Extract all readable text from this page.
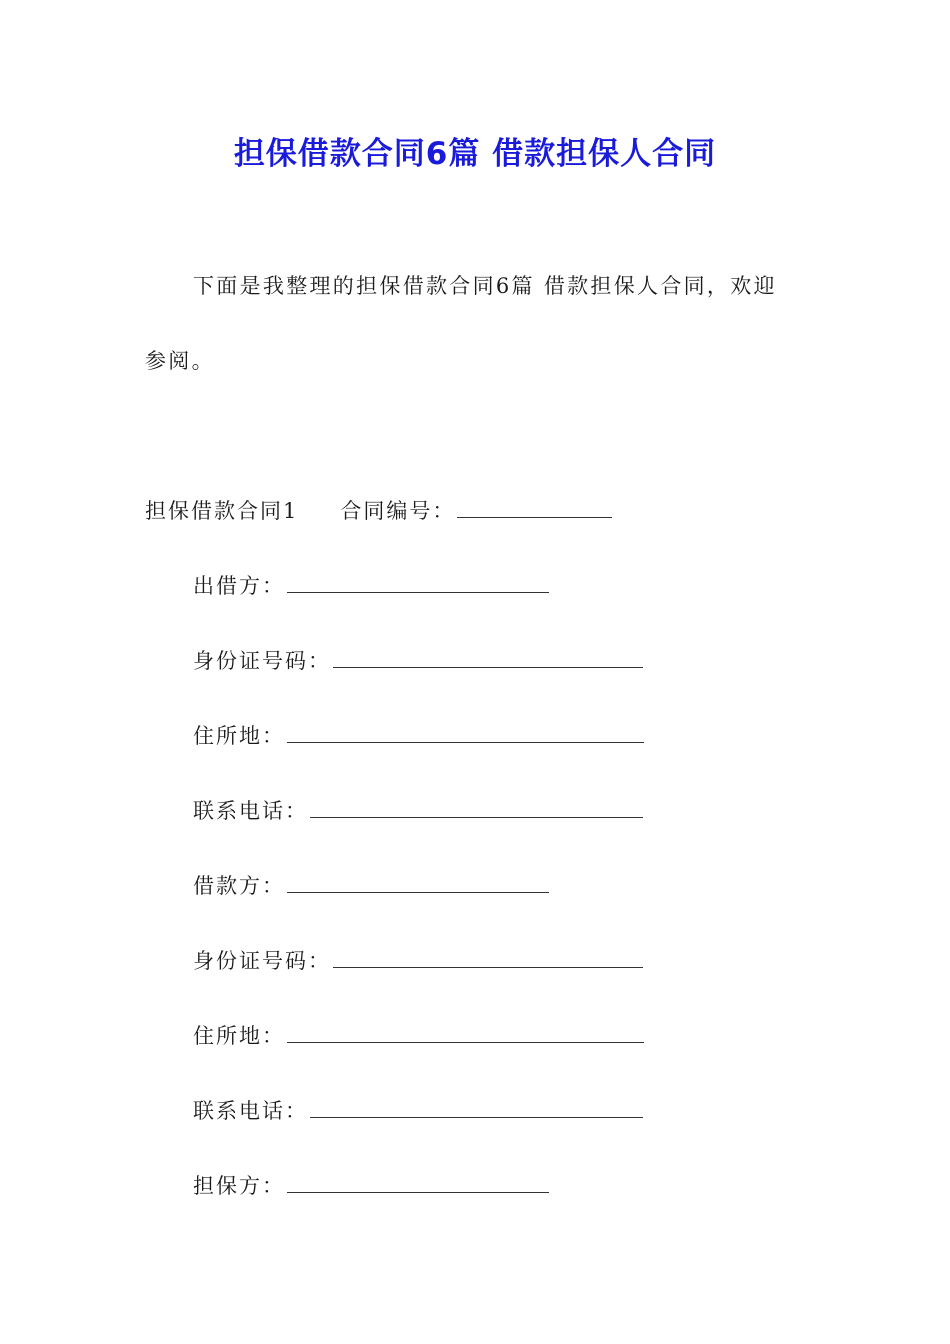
担保借款合同6篇 借款担保人合同
下面是我整理的担保借款合同6篇 借款担保人合同，欢迎
参阅。
担保借款合同1 合同编号：
出借方：
身份证号码：
住所地：
联系电话：
借款方：
身份证号码：
住所地：
联系电话：
担保方：
